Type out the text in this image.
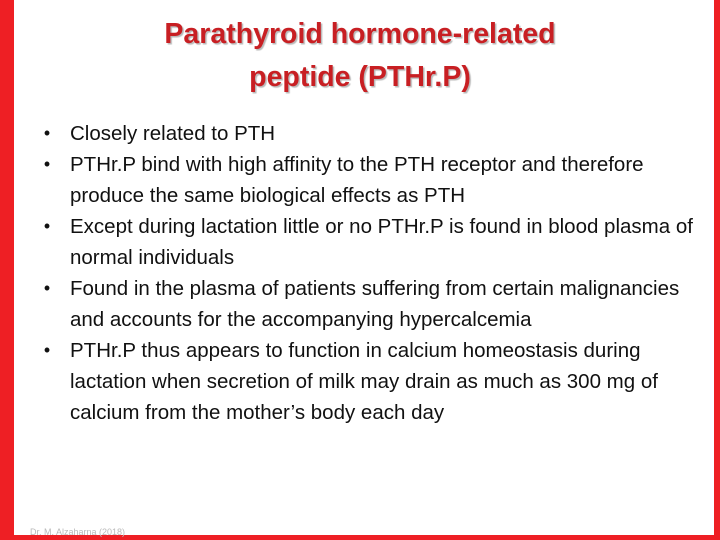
Parathyroid hormone-related
peptide (PTHr.P)
• Closely related to PTH
• PTHr.P bind with high affinity to the PTH receptor and therefore produce the same biological effects as PTH
• Except during lactation little or no PTHr.P is found in blood plasma of normal individuals
• Found in the plasma of patients suffering from certain malignancies and accounts for the accompanying hypercalcemia
• PTHr.P thus appears to function in calcium homeostasis during lactation when secretion of milk may drain as much as 300 mg of calcium from the mother’s body each day
Dr. M. Alzaharna (2018)
